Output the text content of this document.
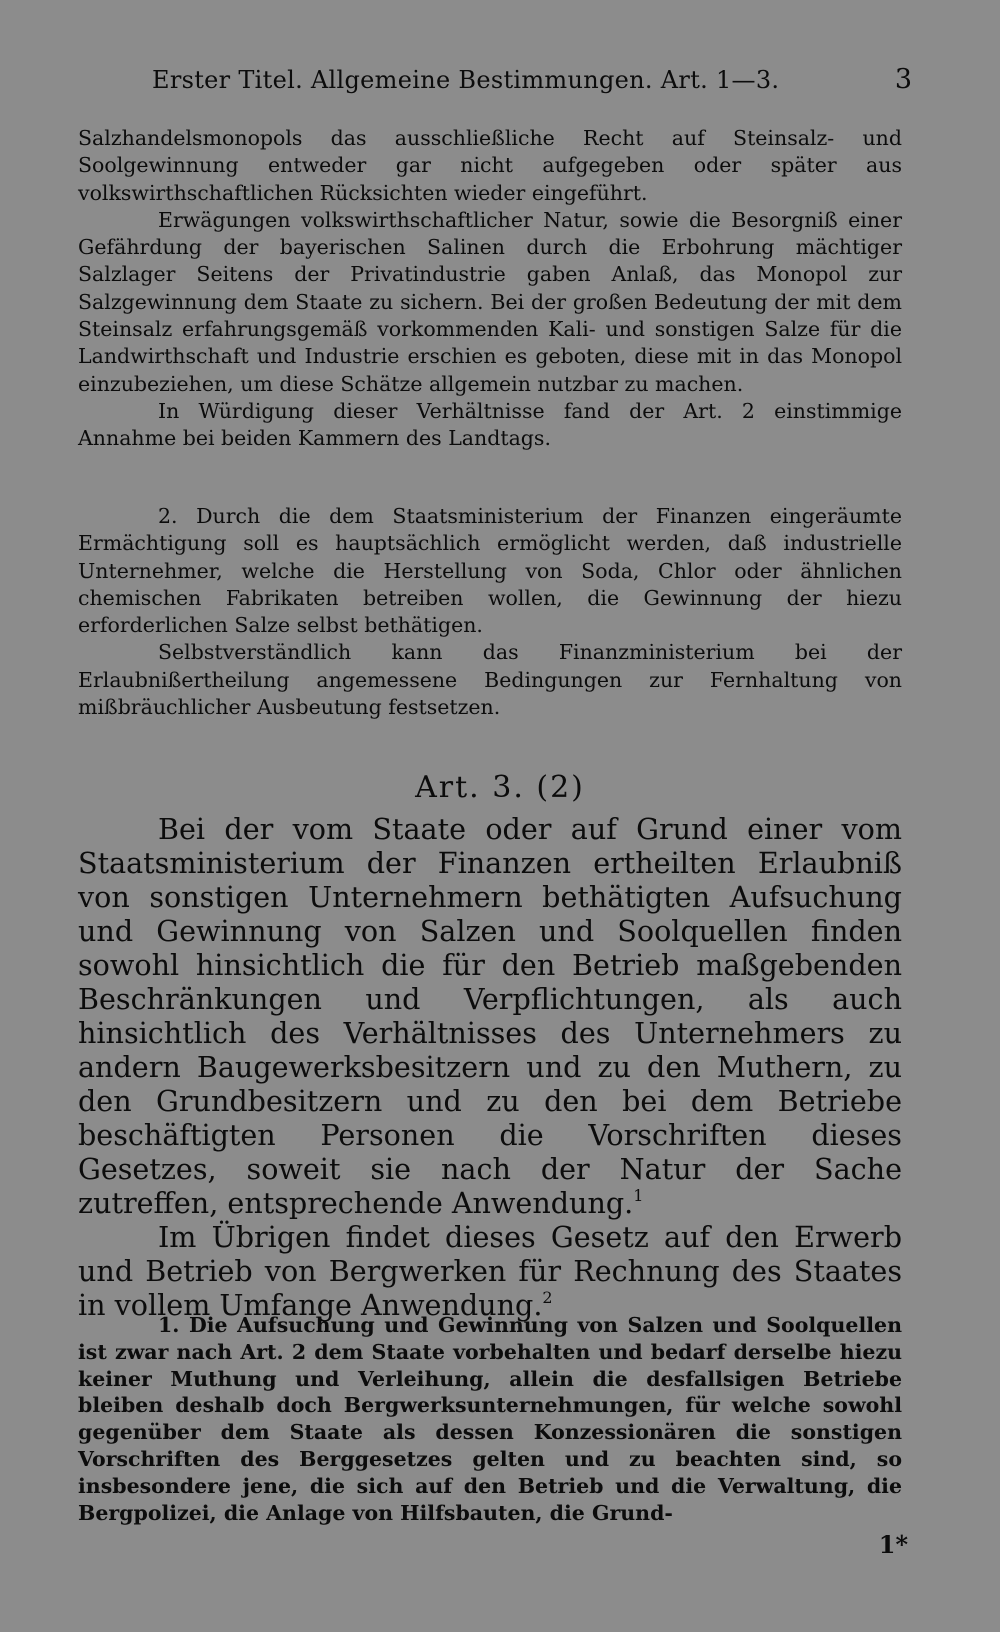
Erster Titel. Allgemeine Bestimmungen. Art. 1—3.	3

Salzhandelsmonopols das ausschließliche Recht auf Steinsalz- und Soolgewinnung entweder gar nicht aufgegeben oder später aus volkswirthschaftlichen Rücksichten wieder eingeführt.

Erwägungen volkswirthschaftlicher Natur, sowie die Besorgniß einer Gefährdung der bayerischen Salinen durch die Erbohrung mächtiger Salzlager Seitens der Privatindustrie gaben Anlaß, das Monopol zur Salzgewinnung dem Staate zu sichern. Bei der großen Bedeutung der mit dem Steinsalz erfahrungsgemäß vorkommenden Kali- und sonstigen Salze für die Landwirthschaft und Industrie erschien es geboten, diese mit in das Monopol einzubeziehen, um diese Schätze allgemein nutzbar zu machen.

In Würdigung dieser Verhältnisse fand der Art. 2 einstimmige Annahme bei beiden Kammern des Landtags.

2. Durch die dem Staatsministerium der Finanzen eingeräumte Ermächtigung soll es hauptsächlich ermöglicht werden, daß industrielle Unternehmer, welche die Herstellung von Soda, Chlor oder ähnlichen chemischen Fabrikaten betreiben wollen, die Gewinnung der hiezu erforderlichen Salze selbst bethätigen.

Selbstverständlich kann das Finanzministerium bei der Erlaubnißertheilung angemessene Bedingungen zur Fernhaltung von mißbräuchlicher Ausbeutung festsetzen.

Art. 3. (2)

Bei der vom Staate oder auf Grund einer vom Staatsministerium der Finanzen ertheilten Erlaubniß von sonstigen Unternehmern bethätigten Aufsuchung und Gewinnung von Salzen und Soolquellen finden sowohl hinsichtlich die für den Betrieb maßgebenden Beschränkungen und Verpflichtungen, als auch hinsichtlich des Verhältnisses des Unternehmers zu andern Baugewerksbesitzern und zu den Muthern, zu den Grundbesitzern und zu den bei dem Betriebe beschäftigten Personen die Vorschriften dieses Gesetzes, soweit sie nach der Natur der Sache zutreffen, entsprechende Anwendung.$^1$

Im Übrigen findet dieses Gesetz auf den Erwerb und Betrieb von Bergwerken für Rechnung des Staates in vollem Umfange Anwendung.$^2$

1. Die Aufsuchung und Gewinnung von Salzen und Soolquellen ist zwar nach Art. 2 dem Staate vorbehalten und bedarf derselbe hiezu keiner Muthung und Verleihung, allein die desfallsigen Betriebe bleiben deshalb doch Bergwerksunternehmungen, für welche sowohl gegenüber dem Staate als dessen Konzessionären die sonstigen Vorschriften des Berggesetzes gelten und zu beachten sind, so insbesondere jene, die sich auf den Betrieb und die Verwaltung, die Bergpolizei, die Anlage von Hilfsbauten, die Grund-

1*
